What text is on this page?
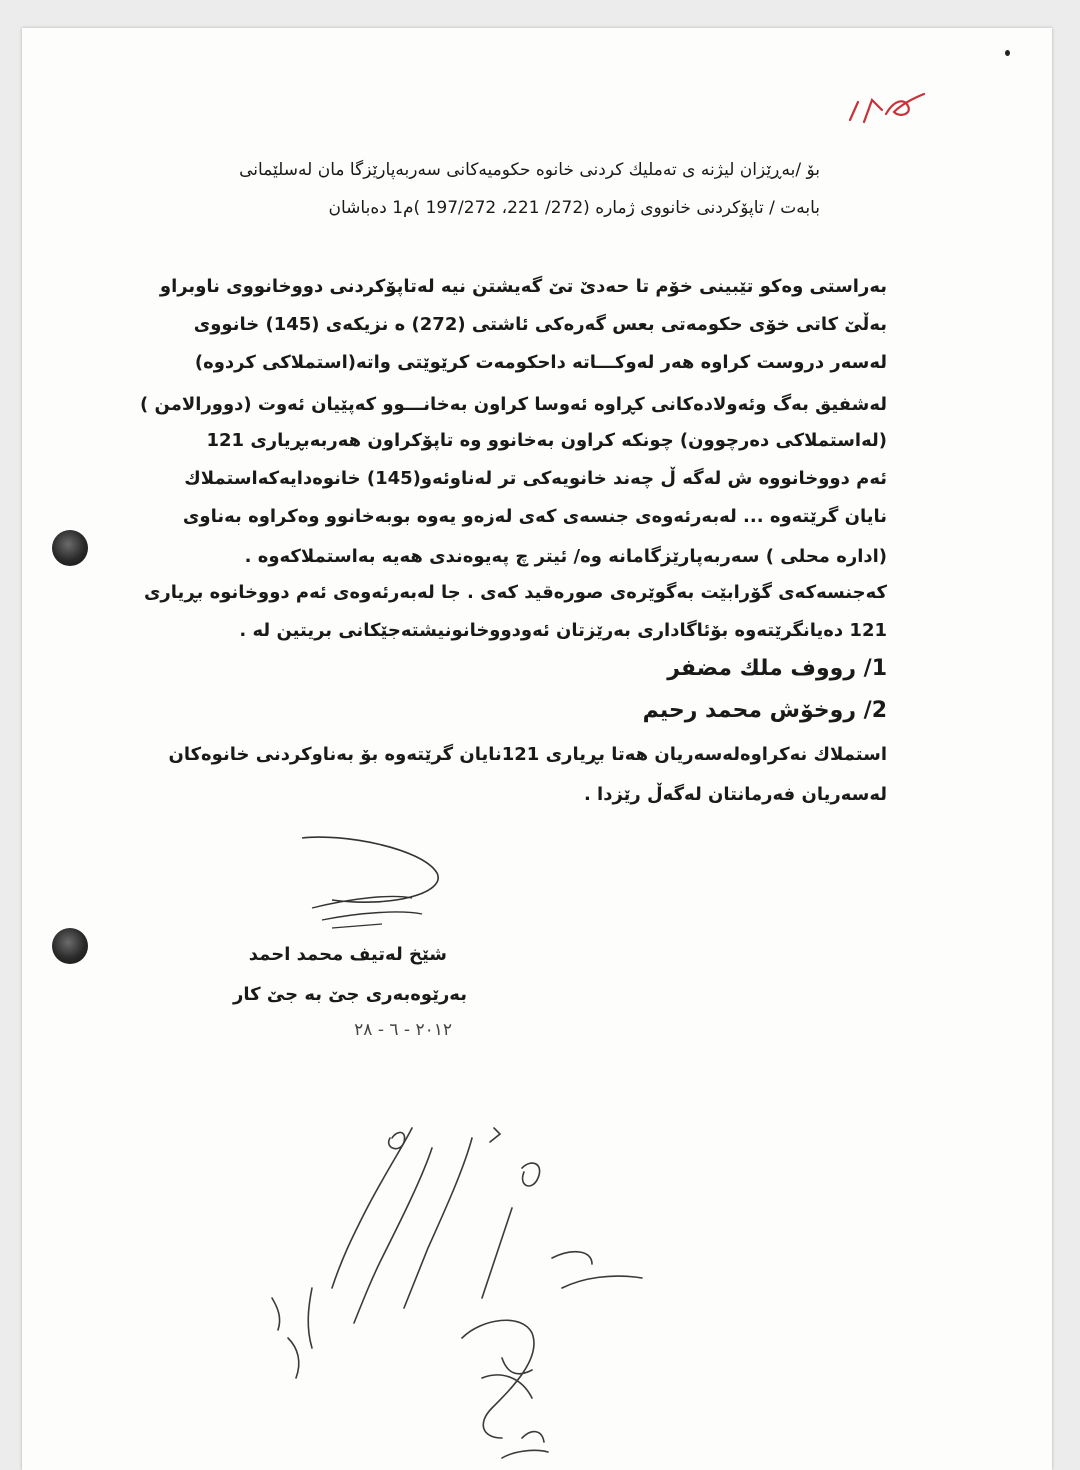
بۆ /بەڕێزان لیژنە ی تەملیك كردنی خانوە حكومیەكانی سەربەپارێزگا مان لەسلێمانی
بابەت / تاپۆكردنی خانووی ژمارە (272/ 221، 197/272 )م1 دەباشان
بەراستی وەكو تێبینی خۆم تا حەدێ تێ گەیشتن نیە لەتاپۆكردنی دووخانووی ناوبراو
بەڵێ كاتی خۆی حكومەتی بعس گەرەكی ئاشتی (272) ە نزیكەی (145) خانووی
لەسەر دروست كراوە هەر لەوكـــاتە داحكومەت كرێوێتی واتە(استملاكی كردوە)
لەشفیق بەگ وئەولادەكانی كڕاوە ئەوسا كراون بەخانـــوو كەپێیان ئەوت (دوورالامن )
(لەاستملاكی دەرچوون) چونكە كراون بەخانوو وە تاپۆكراون هەربەبڕیاری 121
ئەم دووخانووە ش لەگە ڵ چەند خانویەكی تر لەناوئەو(145) خانوەدایەكەاستملاك
نایان گرێتەوە ... لەبەرئەوەی جنسەی كەی لەزەو یەوە بوبەخانوو وەكراوە بەناوی
(ادارە محلی ) سەربەپارێزگامانە وە/ ئیتر چ پەیوەندی هەیە بەاستملاكەوە .
كەجنسەكەی گۆرابێت بەگوێرەی صورەقید كەی . جا لەبەرئەوەی ئەم دووخانوە بڕیاری
121 دەیانگرێتەوە بۆئاگاداری بەرێزتان ئەودووخانونیشتەجێكانی بریتین لە .
1/ رووف ملك مضفر
2/ روخۆش محمد رحیم
استملاك نەكراوەلەسەریان هەتا بڕیاری 121نایان گرێتەوە بۆ بەناوكردنی خانوەكان
لەسەریان فەرمانتان لەگەڵ رێزدا .
شێخ لەتیف محمد احمد
بەرێوەبەری جێ بە جێ كار
٢٠١٢ - ٦ - ٢٨
